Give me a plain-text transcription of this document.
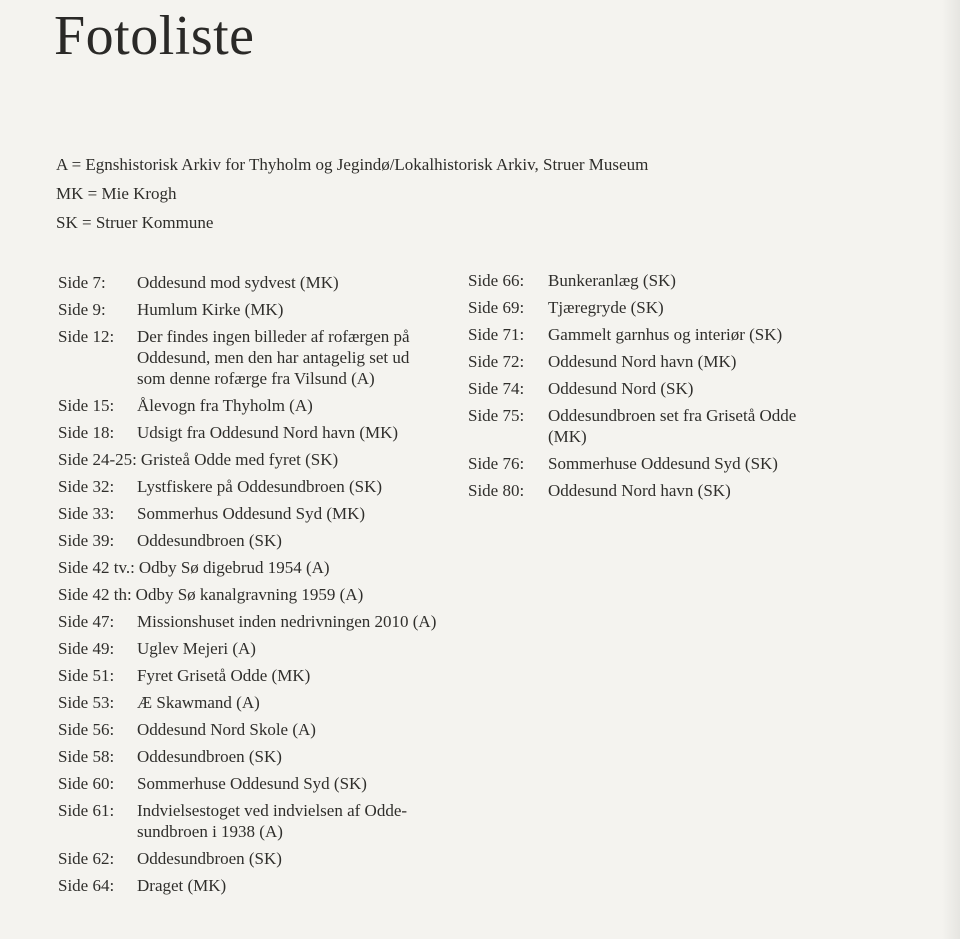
Fotoliste
A = Egnshistorisk Arkiv for Thyholm og Jegindø/Lokalhistorisk Arkiv, Struer Museum
MK = Mie Krogh
SK = Struer Kommune
Side 7:	Oddesund mod sydvest (MK)
Side 9:	Humlum Kirke (MK)
Side 12:	Der findes ingen billeder af rofærgen på Oddesund, men den har antagelig set ud som denne rofærge fra Vilsund (A)
Side 15:	Ålevogn fra Thyholm (A)
Side 18:	Udsigt fra Oddesund Nord havn (MK)
Side 24-25: Gristeå Odde med fyret (SK)
Side 32:	Lystfiskere på Oddesundbroen (SK)
Side 33:	Sommerhus Oddesund Syd (MK)
Side 39:	Oddesundbroen (SK)
Side 42 tv.: Odby Sø digebrud 1954 (A)
Side 42 th: Odby Sø kanalgravning 1959 (A)
Side 47:	Missionshuset inden nedrivningen 2010 (A)
Side 49:	Uglev Mejeri (A)
Side 51:	Fyret Grisetå Odde (MK)
Side 53:	Æ Skawmand (A)
Side 56:	Oddesund Nord Skole (A)
Side 58:	Oddesundbroen (SK)
Side 60:	Sommerhuse Oddesund Syd (SK)
Side 61:	Indvielsestoget ved indvielsen af Odde-sundbroen i 1938 (A)
Side 62:	Oddesundbroen (SK)
Side 64:	Draget (MK)
Side 66:	Bunkeranlæg (SK)
Side 69:	Tjæregryde (SK)
Side 71:	Gammelt garnhus og interiør (SK)
Side 72:	Oddesund Nord havn (MK)
Side 74:	Oddesund Nord (SK)
Side 75:	Oddesundbroen set fra Grisetå Odde (MK)
Side 76:	Sommerhuse Oddesund Syd (SK)
Side 80:	Oddesund Nord havn (SK)
